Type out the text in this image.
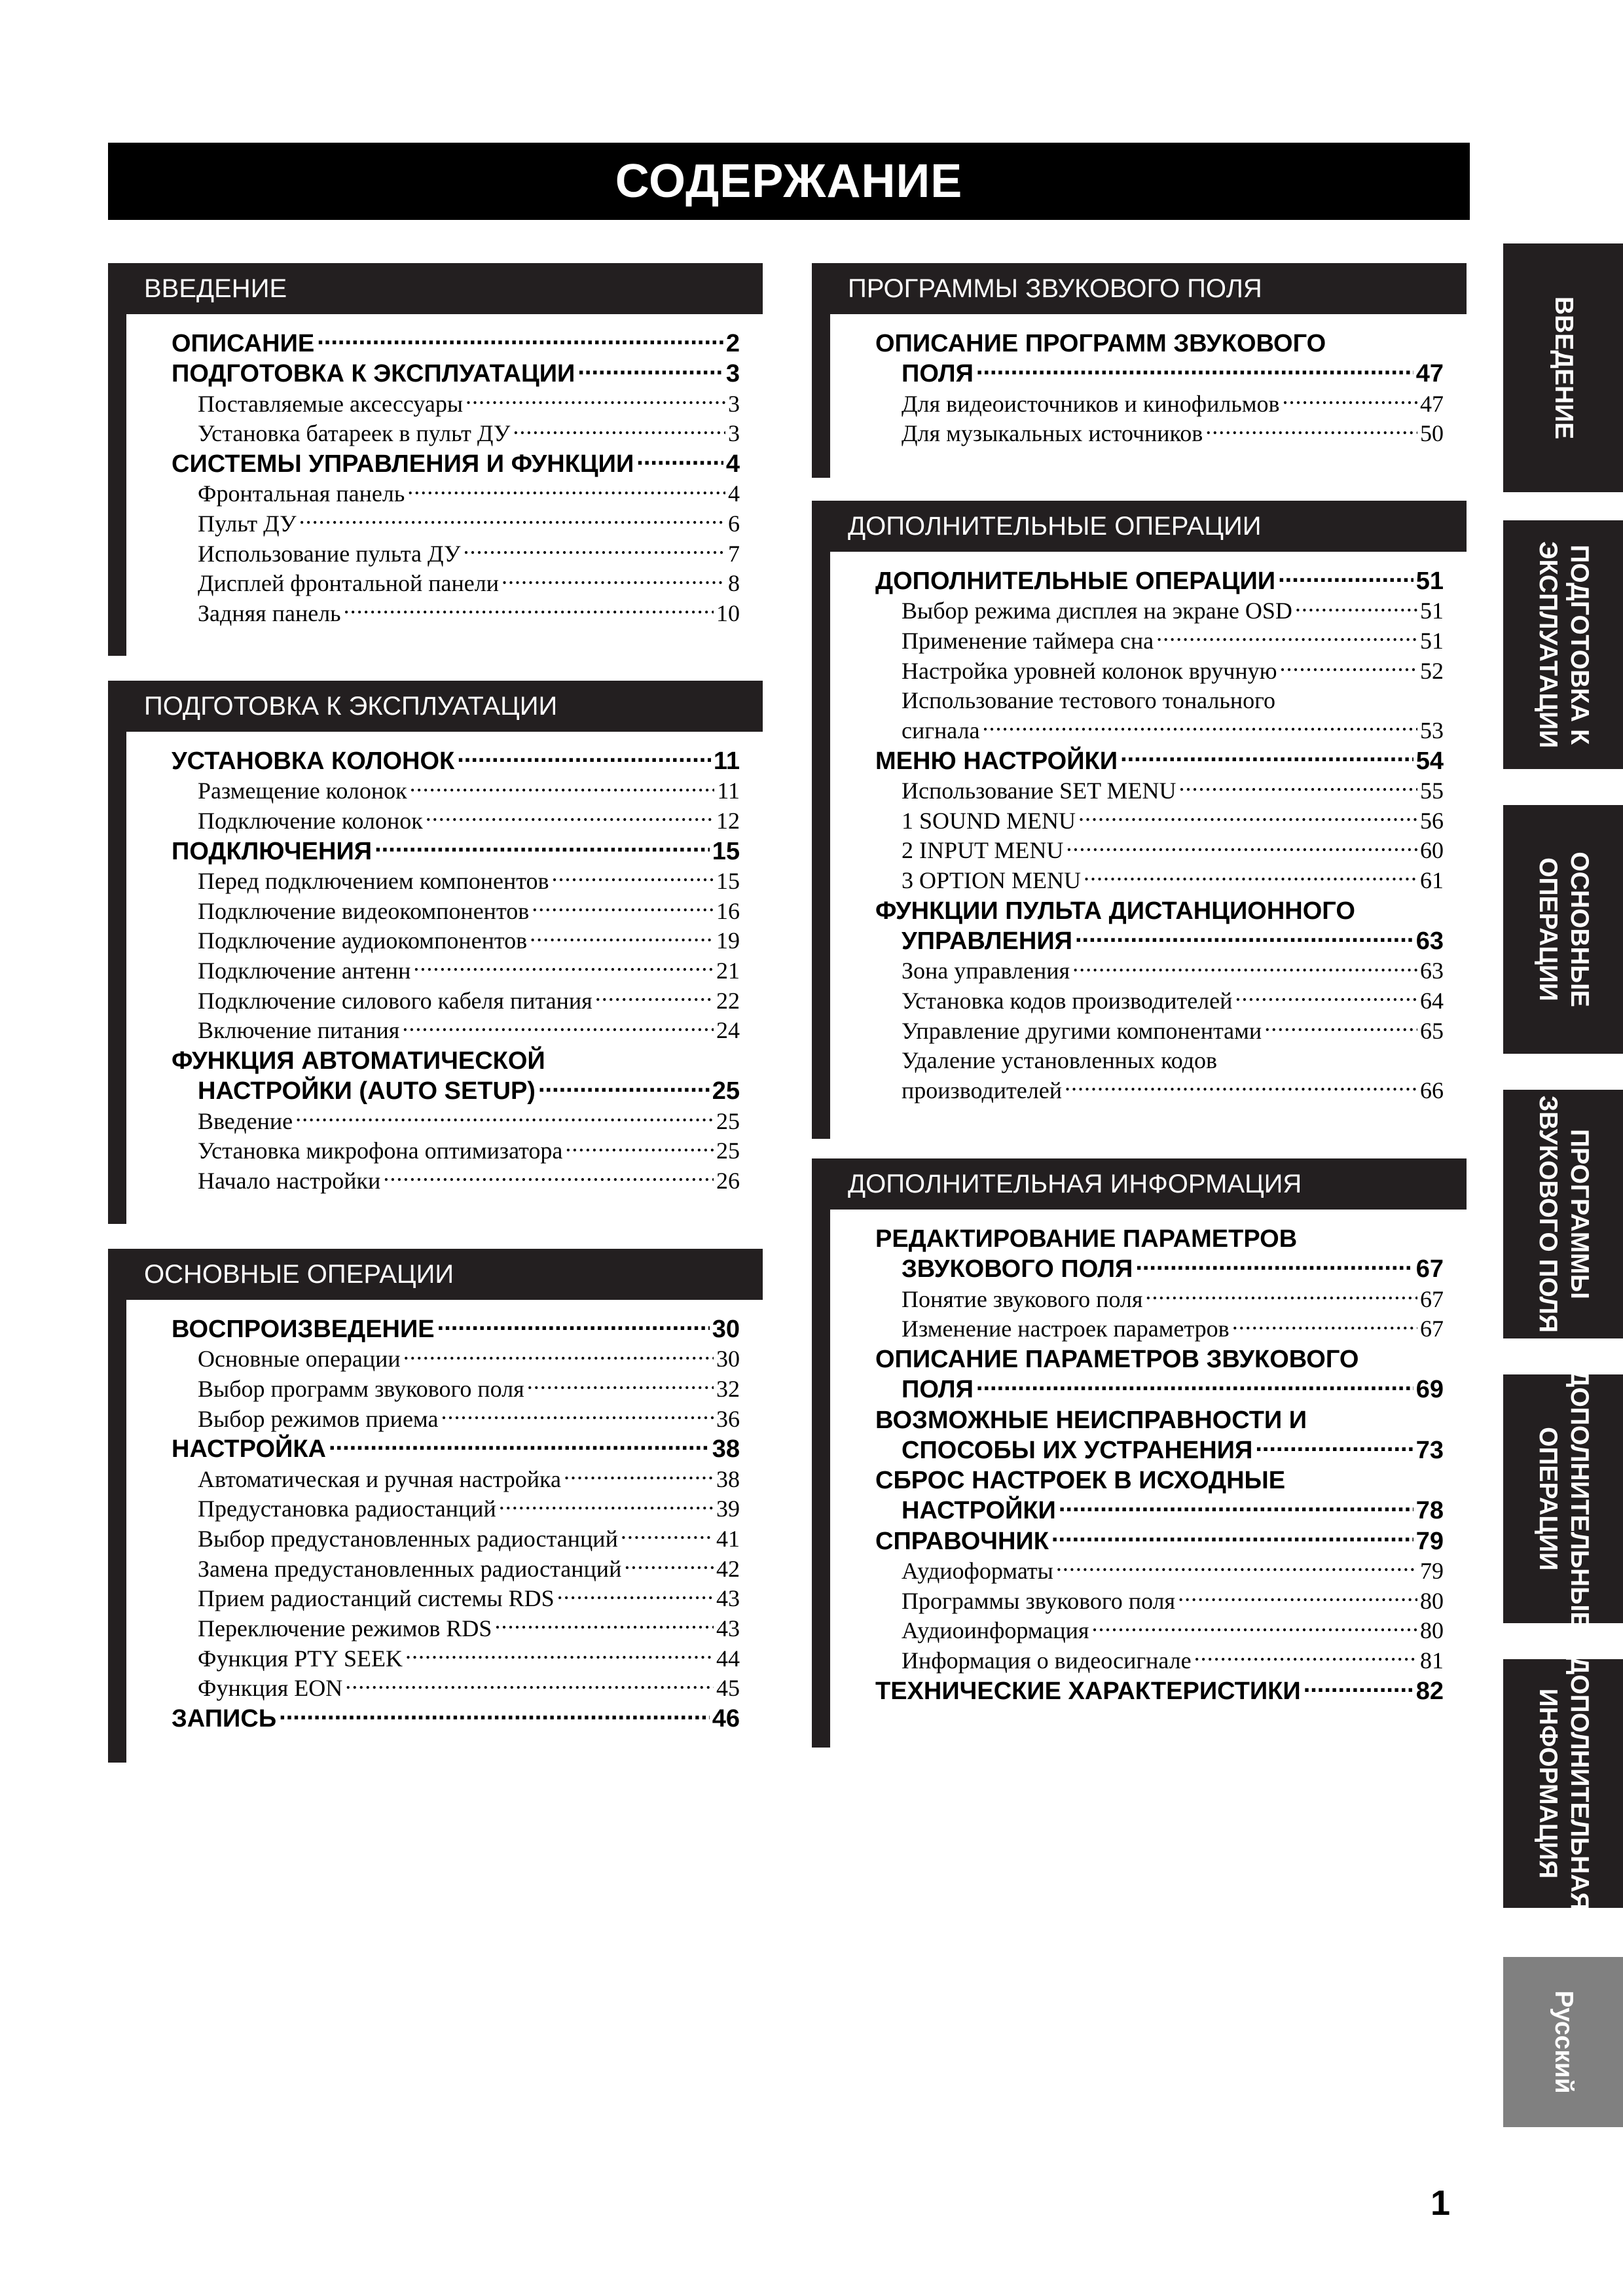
СОДЕРЖАНИЕ
ВВЕДЕНИЕ
ОПИСАНИЕ .....	2
ПОДГОТОВКА К ЭКСПЛУАТАЦИИ .....	3
Поставляемые аксессуары .....	3
Установка батареек в пульт ДУ .....	3
СИСТЕМЫ УПРАВЛЕНИЯ И ФУНКЦИИ .....	4
Фронтальная панель .....	4
Пульт ДУ .....	6
Использование пульта ДУ .....	7
Дисплей фронтальной панели .....	8
Задняя панель .....	10
ПОДГОТОВКА К ЭКСПЛУАТАЦИИ
УСТАНОВКА КОЛОНОК .....	11
Размещение колонок .....	11
Подключение колонок .....	12
ПОДКЛЮЧЕНИЯ .....	15
Перед подключением компонентов .....	15
Подключение видеокомпонентов .....	16
Подключение аудиокомпонентов .....	19
Подключение антенн .....	21
Подключение силового кабеля питания .....	22
Включение питания .....	24
ФУНКЦИЯ АВТОМАТИЧЕСКОЙ
НАСТРОЙКИ (AUTO SETUP) .....	25
Введение .....	25
Установка микрофона оптимизатора .....	25
Начало настройки .....	26
ОСНОВНЫЕ ОПЕРАЦИИ
ВОСПРОИЗВЕДЕНИЕ .....	30
Основные операции .....	30
Выбор программ звукового поля .....	32
Выбор режимов приема .....	36
НАСТРОЙКА .....	38
Автоматическая и ручная настройка .....	38
Предустановка радиостанций .....	39
Выбор предустановленных радиостанций .....	41
Замена предустановленных радиостанций .....	42
Прием радиостанций системы RDS .....	43
Переключение режимов RDS .....	43
Функция PTY SEEK .....	44
Функция EON .....	45
ЗАПИСЬ .....	46
ПРОГРАММЫ ЗВУКОВОГО ПОЛЯ
ОПИСАНИЕ ПРОГРАММ ЗВУКОВОГО
ПОЛЯ .....	47
Для видеоисточников и кинофильмов .....	47
Для музыкальных источников .....	50
ДОПОЛНИТЕЛЬНЫЕ ОПЕРАЦИИ
ДОПОЛНИТЕЛЬНЫЕ ОПЕРАЦИИ .....	51
Выбор режима дисплея на экране OSD .....	51
Применение таймера сна .....	51
Настройка уровней колонок вручную .....	52
Использование тестового тонального
сигнала .....	53
МЕНЮ НАСТРОЙКИ .....	54
Использование SET MENU .....	55
1 SOUND MENU .....	56
2 INPUT MENU .....	60
3 OPTION MENU .....	61
ФУНКЦИИ ПУЛЬТА ДИСТАНЦИОННОГО
УПРАВЛЕНИЯ .....	63
Зона управления .....	63
Установка кодов производителей .....	64
Управление другими компонентами .....	65
Удаление установленных кодов
производителей .....	66
ДОПОЛНИТЕЛЬНАЯ ИНФОРМАЦИЯ
РЕДАКТИРОВАНИЕ ПАРАМЕТРОВ
ЗВУКОВОГО ПОЛЯ .....	67
Понятие звукового поля .....	67
Изменение настроек параметров .....	67
ОПИСАНИЕ ПАРАМЕТРОВ ЗВУКОВОГО
ПОЛЯ .....	69
ВОЗМОЖНЫЕ НЕИСПРАВНОСТИ И
СПОСОБЫ ИХ УСТРАНЕНИЯ .....	73
СБРОС НАСТРОЕК В ИСХОДНЫЕ
НАСТРОЙКИ .....	78
СПРАВОЧНИК .....	79
Аудиоформаты .....	79
Программы звукового поля .....	80
Аудиоинформация .....	80
Информация о видеосигнале .....	81
ТЕХНИЧЕСКИЕ ХАРАКТЕРИСТИКИ .....	82
ВВЕДЕНИЕ
ПОДГОТОВКА К
ЭКСПЛУАТАЦИИ
ОСНОВНЫЕ
ОПЕРАЦИИ
ПРОГРАММЫ
ЗВУКОВОГО ПОЛЯ
ДОПОЛНИТЕЛЬНЫЕ
ОПЕРАЦИИ
ДОПОЛНИТЕЛЬНАЯ
ИНФОРМАЦИЯ
Русский
1
